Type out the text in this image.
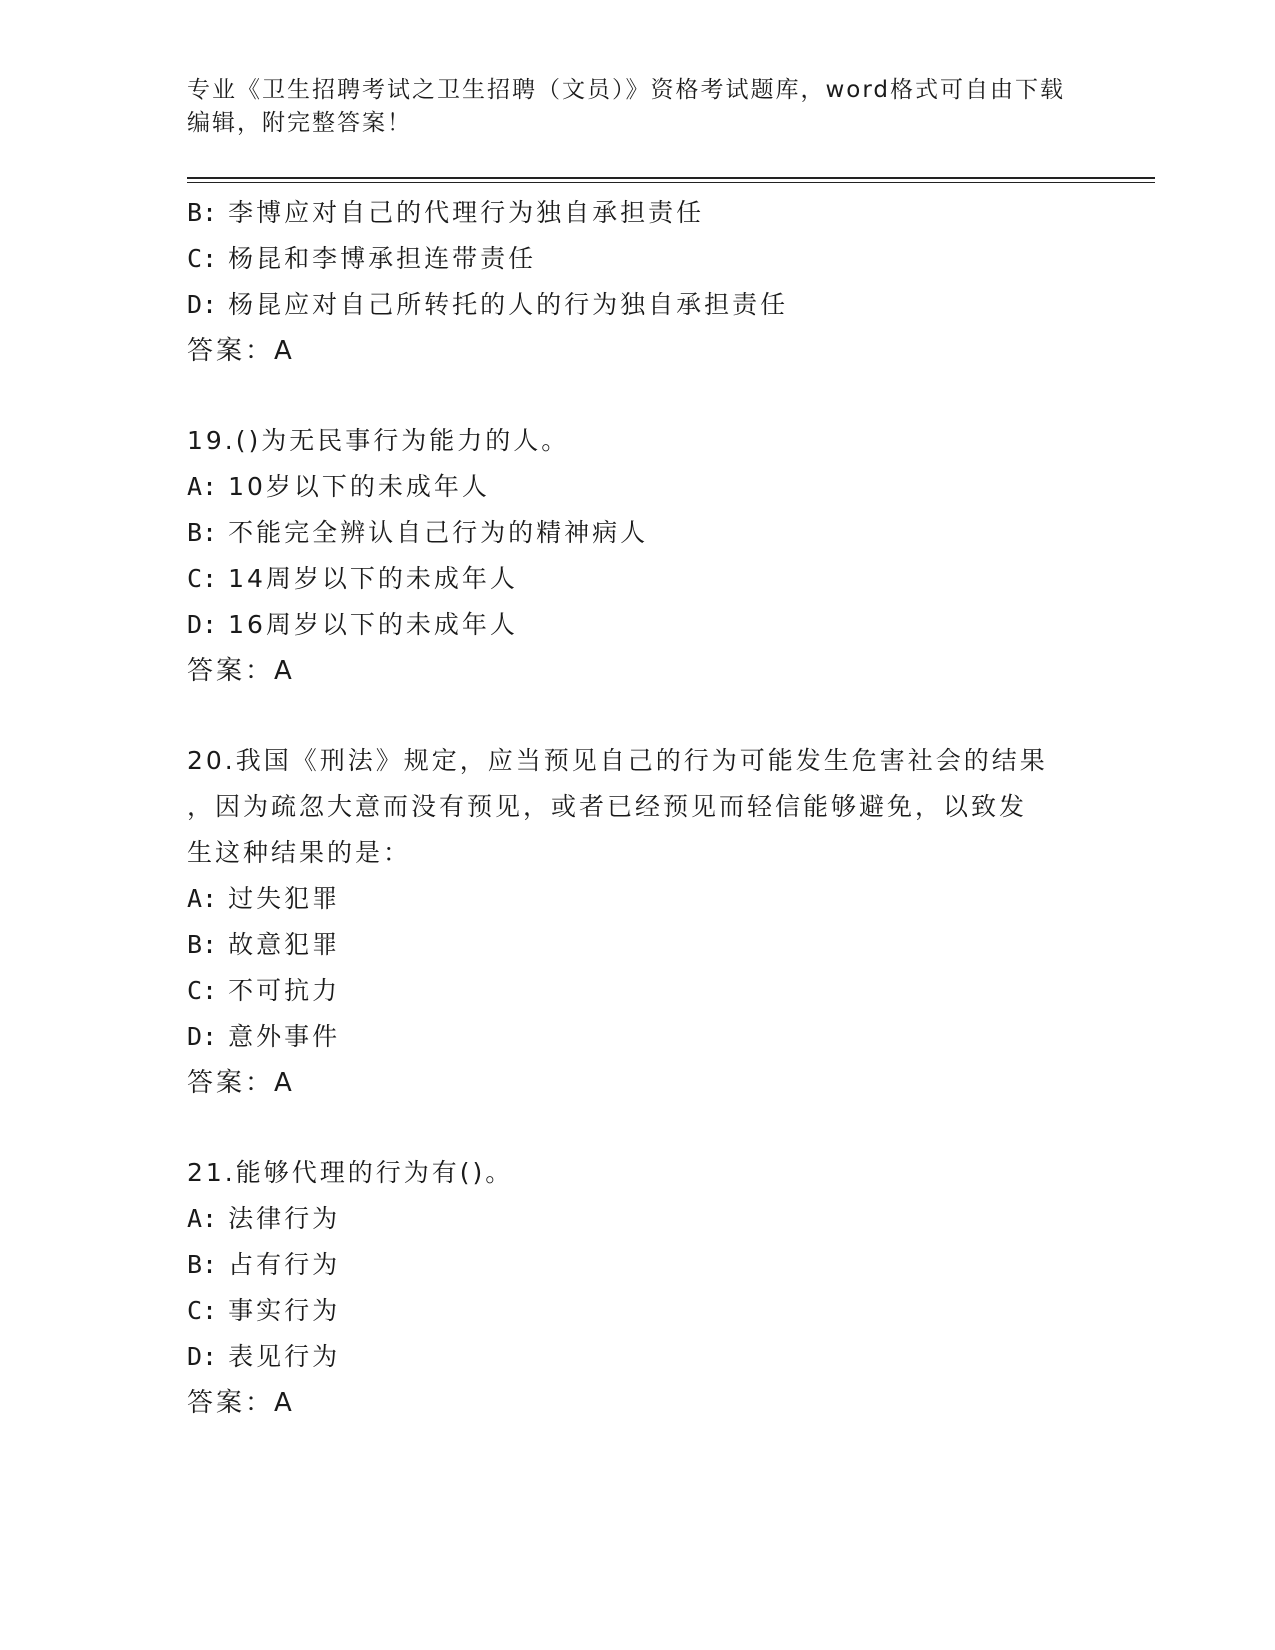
专业《卫生招聘考试之卫生招聘（文员）》资格考试题库，word格式可自由下载
编辑，附完整答案！
B: 李博应对自己的代理行为独自承担责任
C: 杨昆和李博承担连带责任
D: 杨昆应对自己所转托的人的行为独自承担责任
答案：A
19.()为无民事行为能力的人。
A: 10岁以下的未成年人
B: 不能完全辨认自己行为的精神病人
C: 14周岁以下的未成年人
D: 16周岁以下的未成年人
答案：A
20.我国《刑法》规定，应当预见自己的行为可能发生危害社会的结果
，因为疏忽大意而没有预见，或者已经预见而轻信能够避免，以致发
生这种结果的是：
A: 过失犯罪
B: 故意犯罪
C: 不可抗力
D: 意外事件
答案：A
21.能够代理的行为有()。
A: 法律行为
B: 占有行为
C: 事实行为
D: 表见行为
答案：A
